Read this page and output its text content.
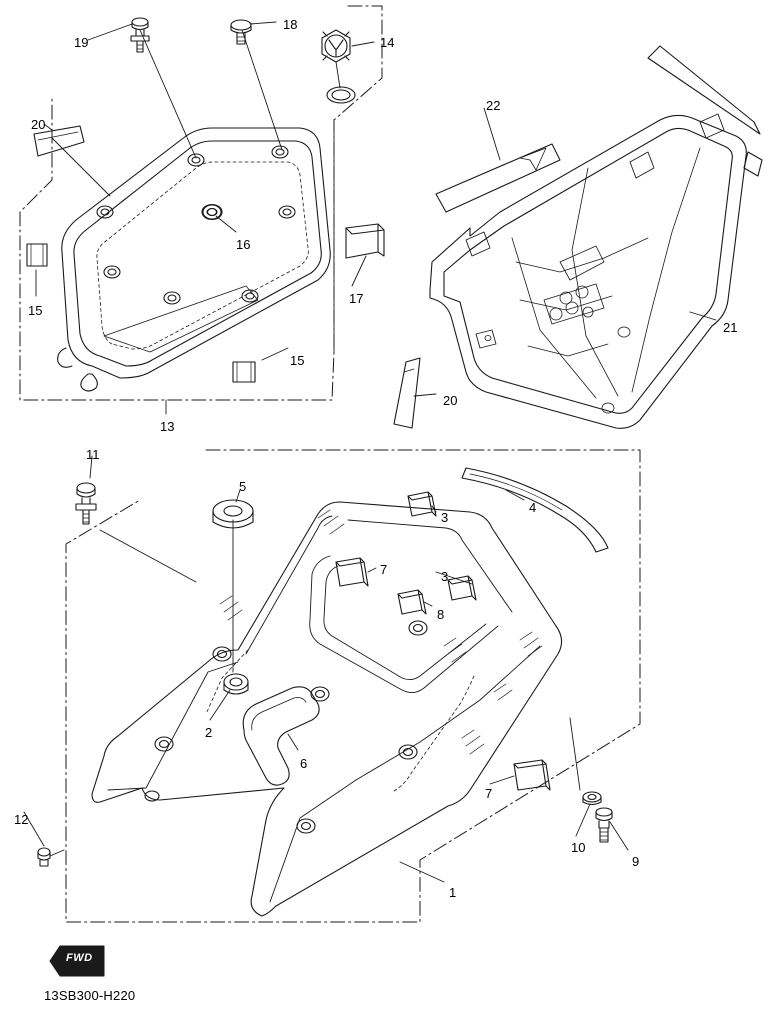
FWD
13SB300-H220
19
18
14
22
20
16
17
15
21
15
13
20
11
5
3
4
7	3
8
2
6
7
12
10
9
1
